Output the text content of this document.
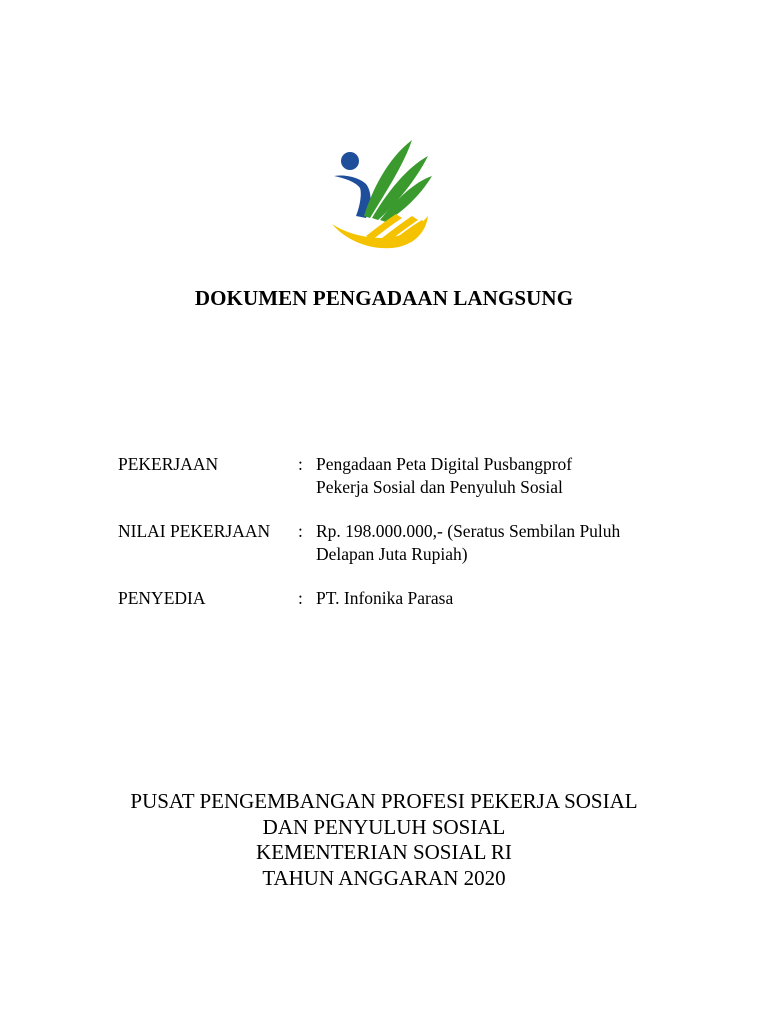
DOKUMEN PENGADAAN LANGSUNG
PEKERJAAN	: Pengadaan Peta Digital Pusbangprof
Pekerja Sosial dan Penyuluh Sosial
NILAI PEKERJAAN	: Rp. 198.000.000,- (Seratus Sembilan Puluh
Delapan Juta Rupiah)
PENYEDIA	: PT. Infonika Parasa
PUSAT PENGEMBANGAN PROFESI PEKERJA SOSIAL
DAN PENYULUH SOSIAL
KEMENTERIAN SOSIAL RI
TAHUN ANGGARAN 2020
